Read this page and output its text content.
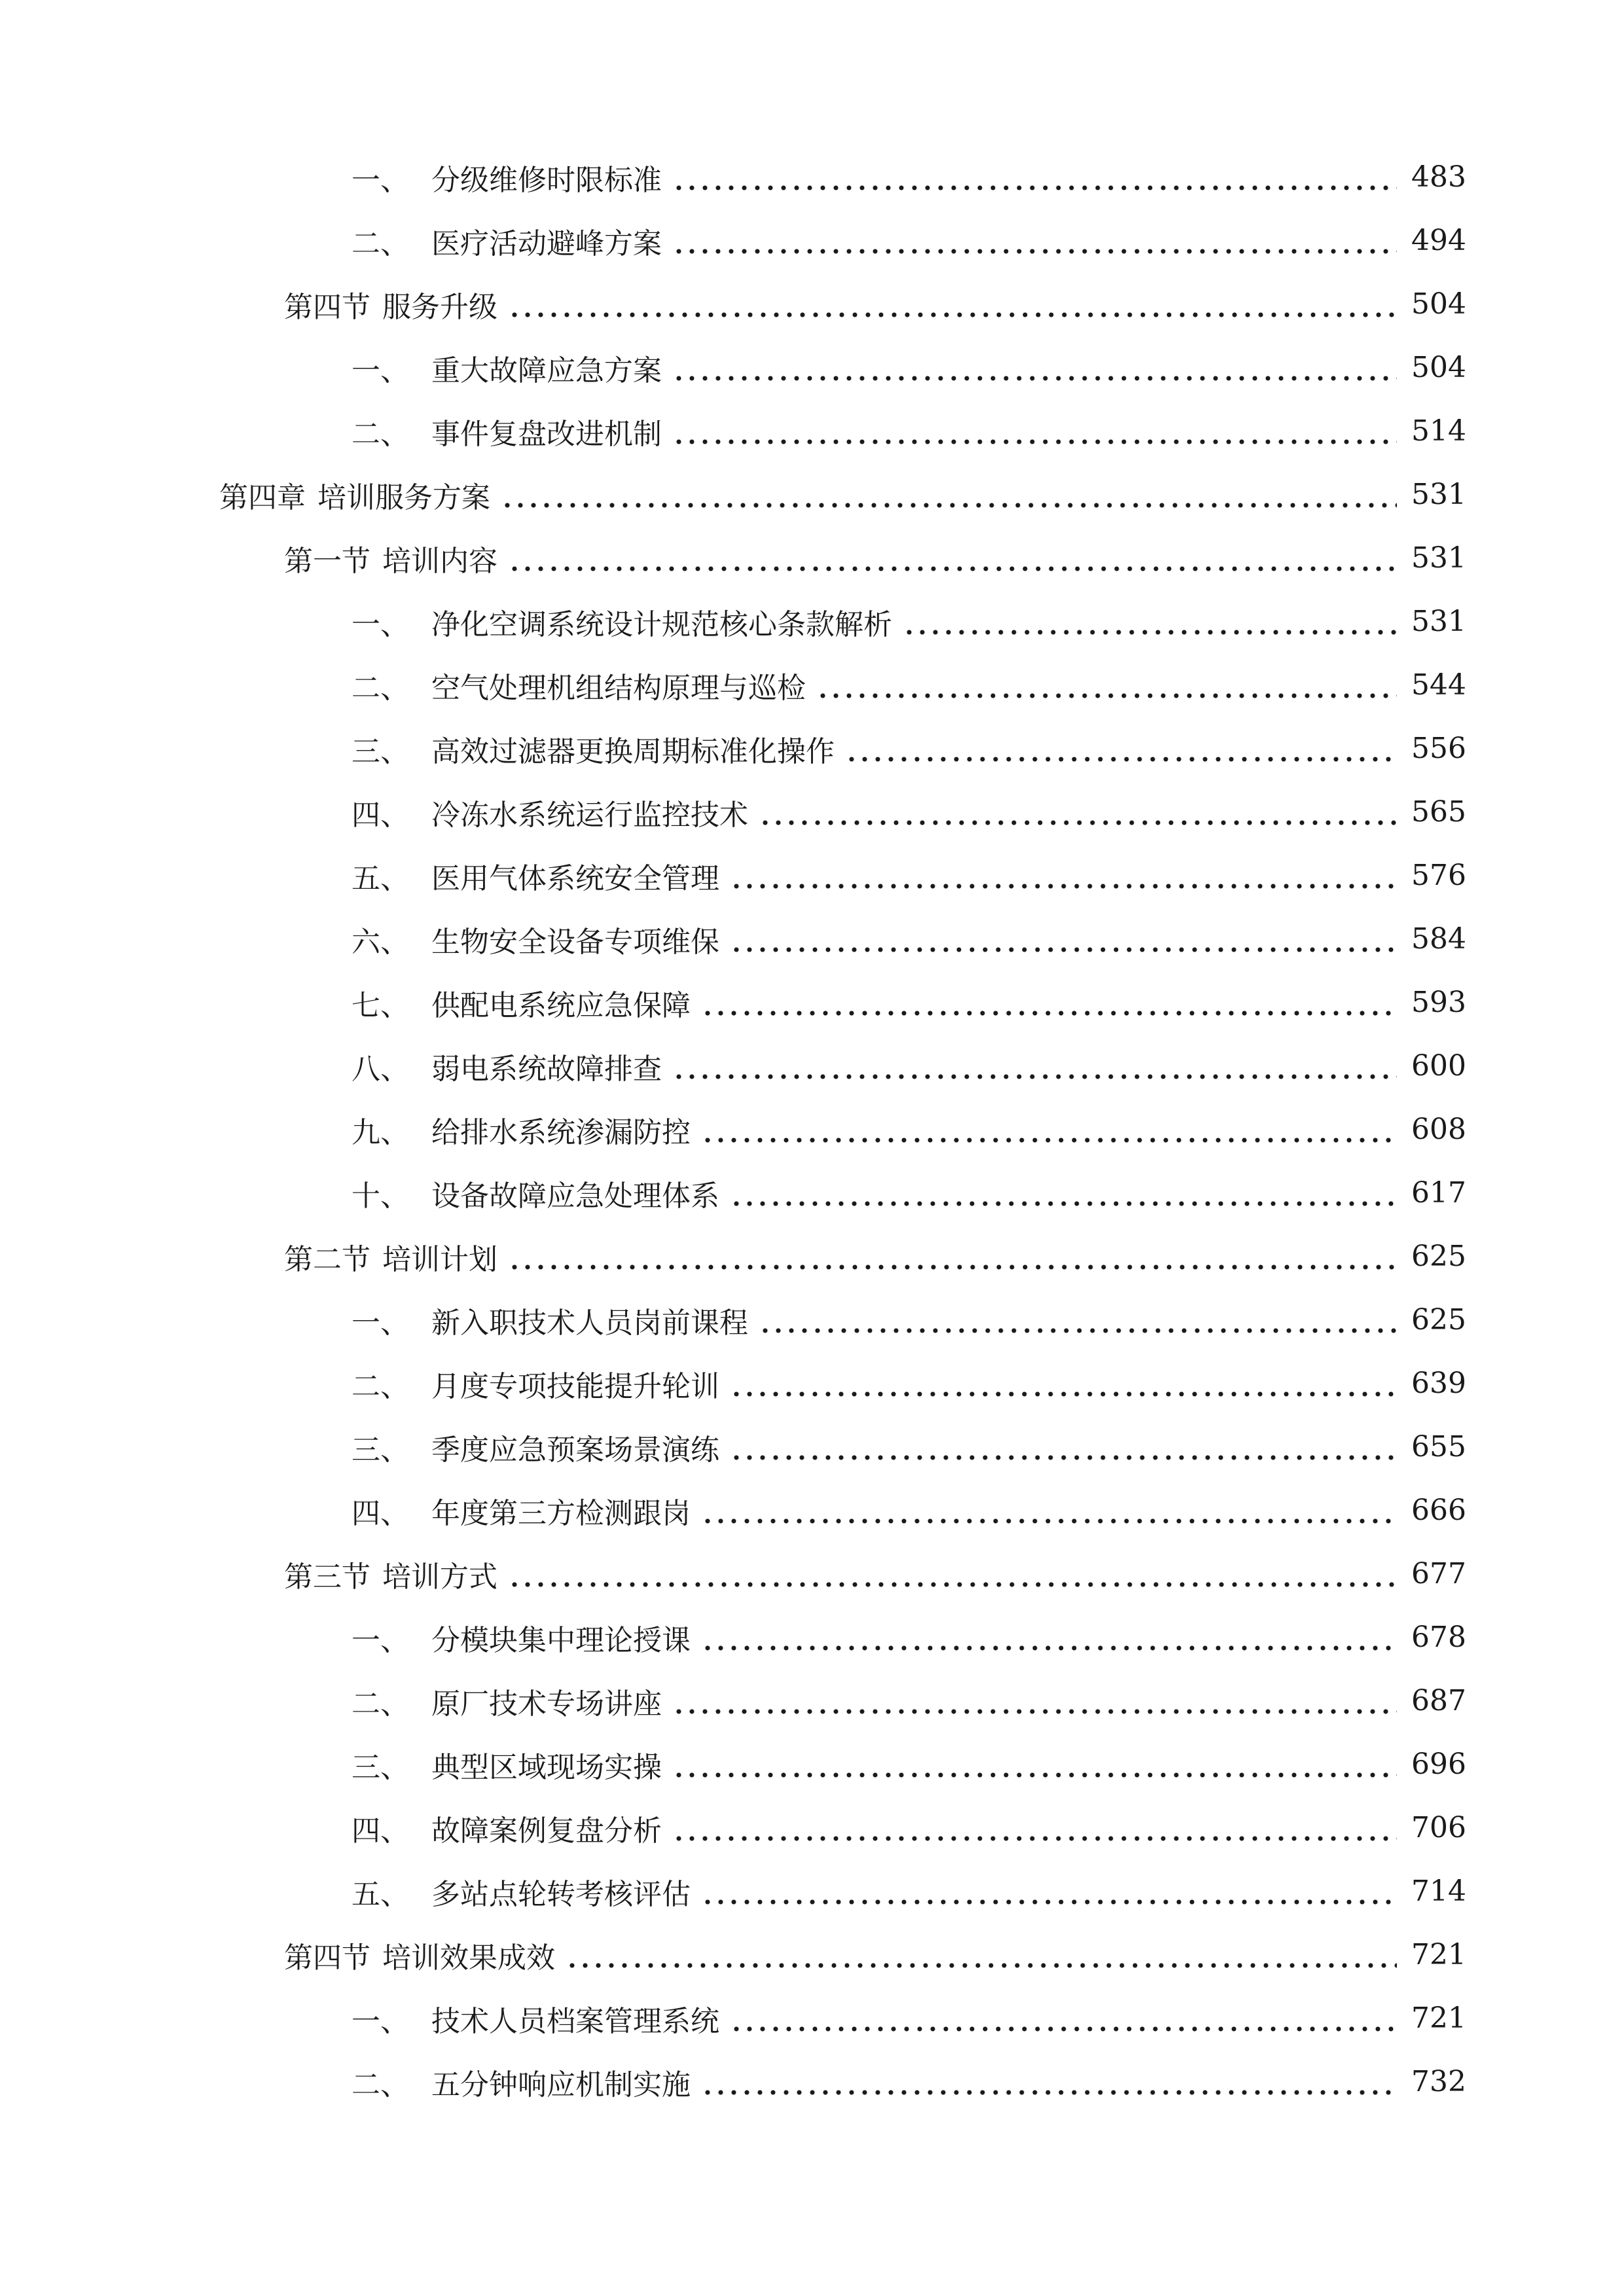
一、 分级维修时限标准	483
二、 医疗活动避峰方案	494
第四节 服务升级	504
一、 重大故障应急方案	504
二、 事件复盘改进机制	514
第四章 培训服务方案	531
第一节 培训内容	531
一、 净化空调系统设计规范核心条款解析	531
二、 空气处理机组结构原理与巡检	544
三、 高效过滤器更换周期标准化操作	556
四、 冷冻水系统运行监控技术	565
五、 医用气体系统安全管理	576
六、 生物安全设备专项维保	584
七、 供配电系统应急保障	593
八、 弱电系统故障排查	600
九、 给排水系统渗漏防控	608
十、 设备故障应急处理体系	617
第二节 培训计划	625
一、 新入职技术人员岗前课程	625
二、 月度专项技能提升轮训	639
三、 季度应急预案场景演练	655
四、 年度第三方检测跟岗	666
第三节 培训方式	677
一、 分模块集中理论授课	678
二、 原厂技术专场讲座	687
三、 典型区域现场实操	696
四、 故障案例复盘分析	706
五、 多站点轮转考核评估	714
第四节 培训效果成效	721
一、 技术人员档案管理系统	721
二、 五分钟响应机制实施	732
